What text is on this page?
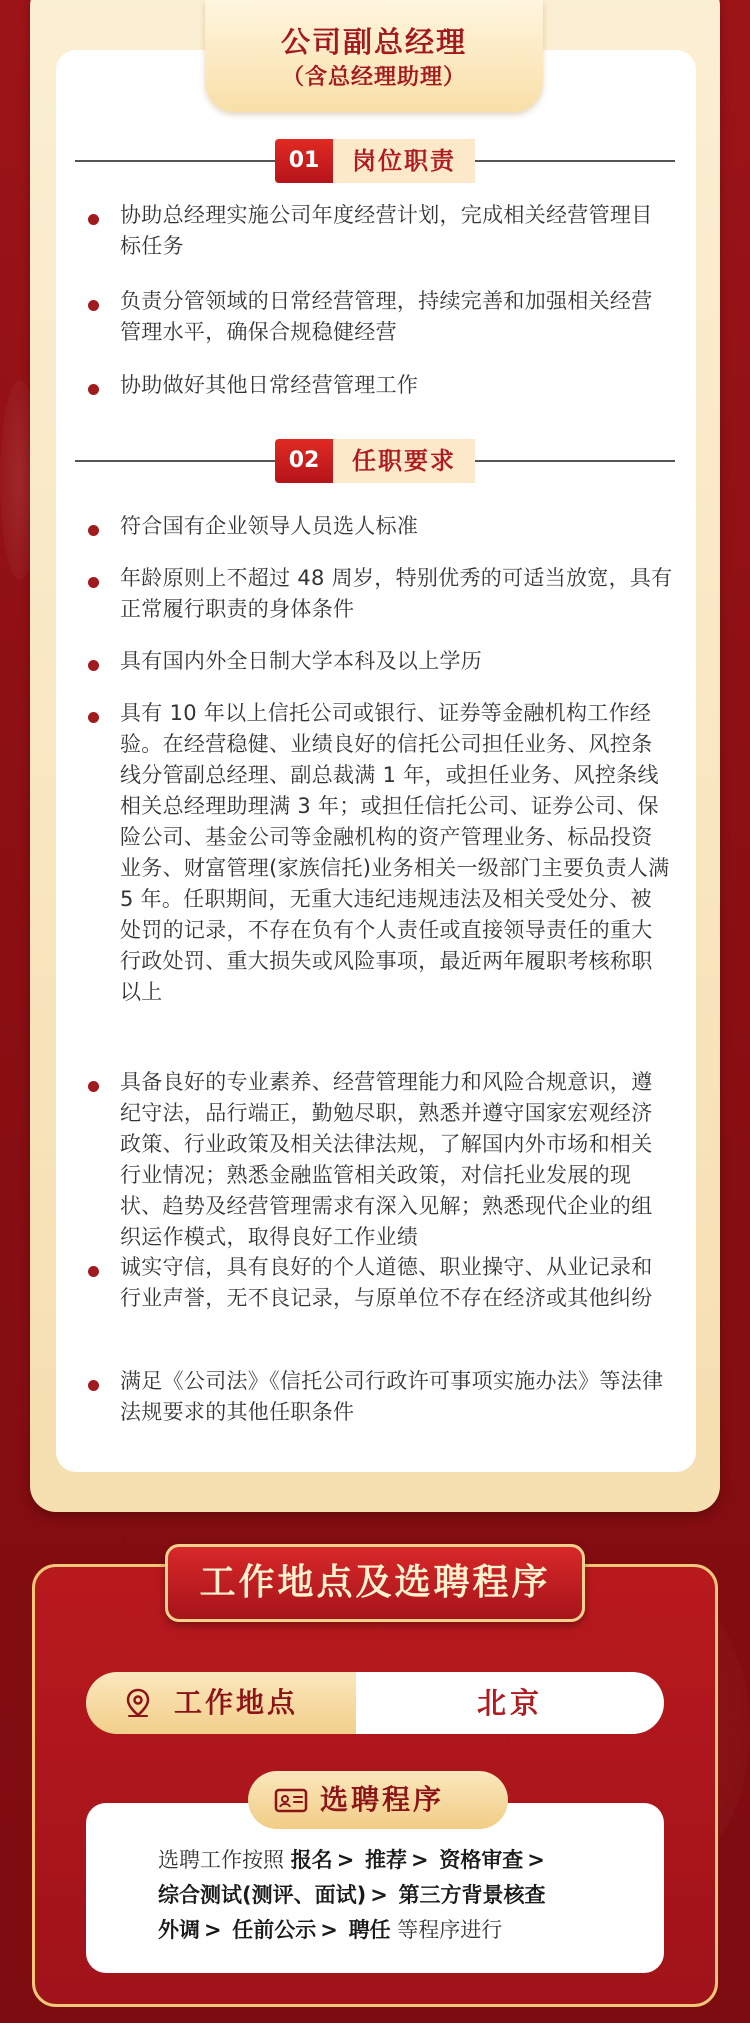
公司副总经理
（含总经理助理）
01	岗位职责
协助总经理实施公司年度经营计划，完成相关经营管理目标任务
负责分管领域的日常经营管理，持续完善和加强相关经营管理水平，确保合规稳健经营
协助做好其他日常经营管理工作
02	任职要求
符合国有企业领导人员选人标准
年龄原则上不超过 48 周岁，特别优秀的可适当放宽，具有正常履行职责的身体条件
具有国内外全日制大学本科及以上学历
具有 10 年以上信托公司或银行、证券等金融机构工作经验。在经营稳健、业绩良好的信托公司担任业务、风控条线分管副总经理、副总裁满 1 年，或担任业务、风控条线相关总经理助理满 3 年；或担任信托公司、证券公司、保险公司、基金公司等金融机构的资产管理业务、标品投资业务、财富管理(家族信托)业务相关一级部门主要负责人满 5 年。任职期间，无重大违纪违规违法及相关受处分、被处罚的记录，不存在负有个人责任或直接领导责任的重大行政处罚、重大损失或风险事项，最近两年履职考核称职以上
具备良好的专业素养、经营管理能力和风险合规意识，遵纪守法，品行端正，勤勉尽职，熟悉并遵守国家宏观经济政策、行业政策及相关法律法规，了解国内外市场和相关行业情况；熟悉金融监管相关政策，对信托业发展的现状、趋势及经营管理需求有深入见解；熟悉现代企业的组织运作模式，取得良好工作业绩
诚实守信，具有良好的个人道德、职业操守、从业记录和行业声誉，无不良记录，与原单位不存在经济或其他纠纷
满足《公司法》《信托公司行政许可事项实施办法》等法律法规要求的其他任职条件
工作地点及选聘程序
工作地点	北京
选聘程序
选聘工作按照 报名 > 推荐 > 资格审查 >
综合测试(测评、面试) > 第三方背景核查
外调 > 任前公示 > 聘任 等程序进行
